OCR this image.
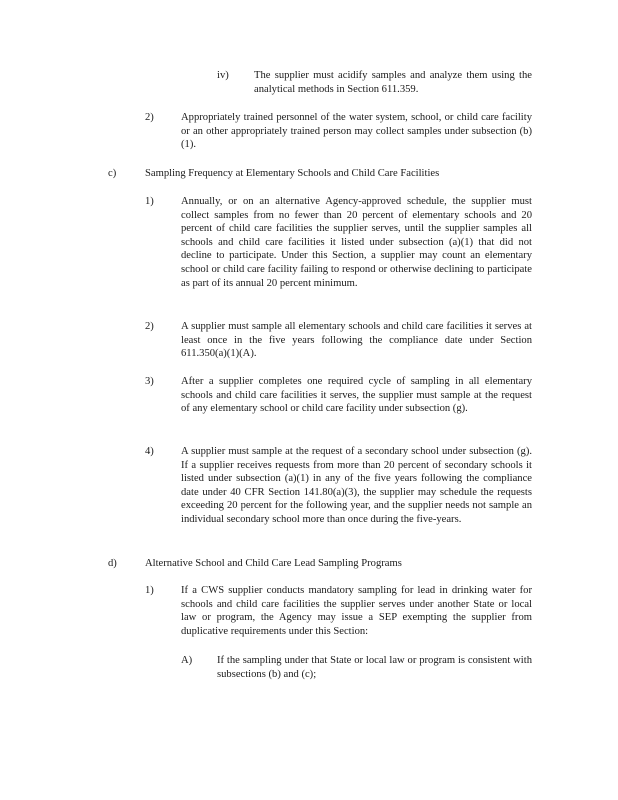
iv) The supplier must acidify samples and analyze them using the analytical methods in Section 611.359.
2)	Appropriately trained personnel of the water system, school, or child care facility or an other appropriately trained person may collect samples under subsection (b)(1).
c)	Sampling Frequency at Elementary Schools and Child Care Facilities
1)	Annually, or on an alternative Agency-approved schedule, the supplier must collect samples from no fewer than 20 percent of elementary schools and 20 percent of child care facilities the supplier serves, until the supplier samples all schools and child care facilities it listed under subsection (a)(1) that did not decline to participate. Under this Section, a supplier may count an elementary school or child care facility failing to respond or otherwise declining to participate as part of its annual 20 percent minimum.
2)	A supplier must sample all elementary schools and child care facilities it serves at least once in the five years following the compliance date under Section 611.350(a)(1)(A).
3)	After a supplier completes one required cycle of sampling in all elementary schools and child care facilities it serves, the supplier must sample at the request of any elementary school or child care facility under subsection (g).
4)	A supplier must sample at the request of a secondary school under subsection (g). If a supplier receives requests from more than 20 percent of secondary schools it listed under subsection (a)(1) in any of the five years following the compliance date under 40 CFR Section 141.80(a)(3), the supplier may schedule the requests exceeding 20 percent for the following year, and the supplier needs not sample an individual secondary school more than once during the five-years.
d)	Alternative School and Child Care Lead Sampling Programs
1)	If a CWS supplier conducts mandatory sampling for lead in drinking water for schools and child care facilities the supplier serves under another State or local law or program, the Agency may issue a SEP exempting the supplier from duplicative requirements under this Section:
A) If the sampling under that State or local law or program is consistent with subsections (b) and (c);
